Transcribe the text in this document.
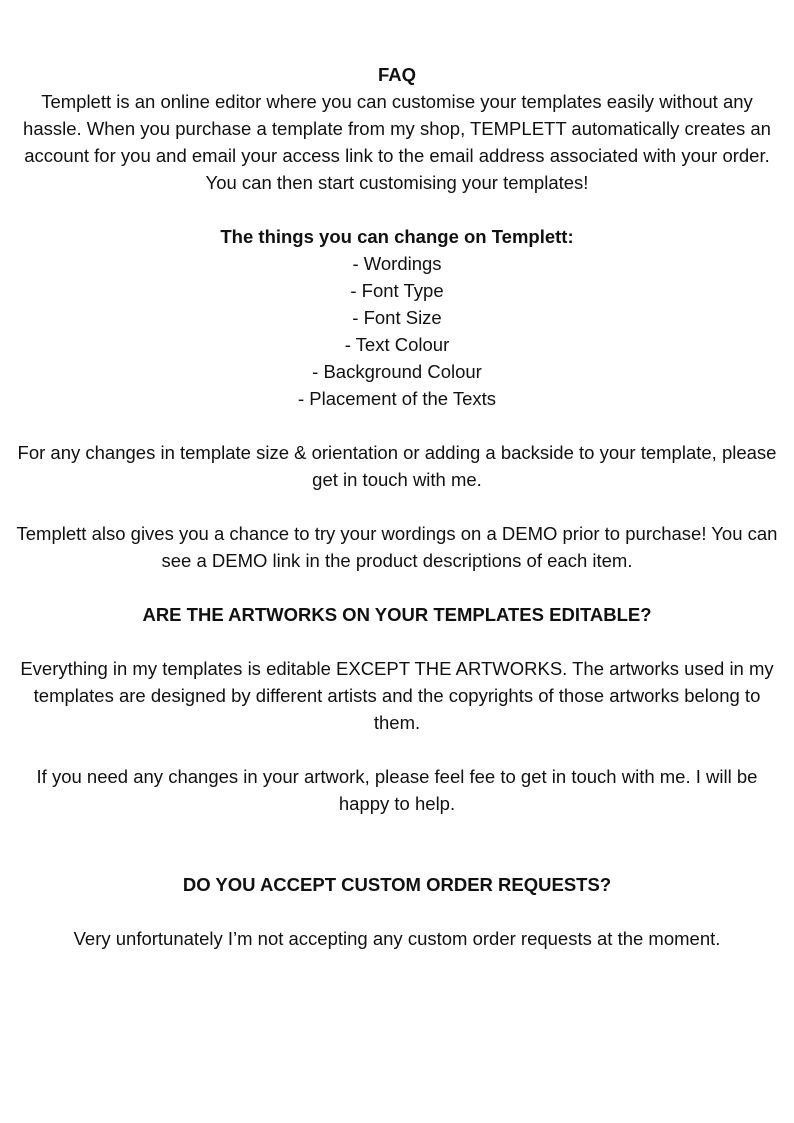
FAQ

Templett is an online editor where you can customise your templates easily without any hassle. When you purchase a template from my shop, TEMPLETT automatically creates an account for you and email your access link to the email address associated with your order. You can then start customising your templates!

The things you can change on Templett:
- Wordings
- Font Type
- Font Size
- Text Colour
- Background Colour
- Placement of the Texts

For any changes in template size & orientation or adding a backside to your template, please get in touch with me.

Templett also gives you a chance to try your wordings on a DEMO prior to purchase! You can see a DEMO link in the product descriptions of each item.

ARE THE ARTWORKS ON YOUR TEMPLATES EDITABLE?

Everything in my templates is editable EXCEPT THE ARTWORKS. The artworks used in my templates are designed by different artists and the copyrights of those artworks belong to them.

If you need any changes in your artwork, please feel fee to get in touch with me. I will be happy to help.

DO YOU ACCEPT CUSTOM ORDER REQUESTS?

Very unfortunately I’m not accepting any custom order requests at the moment.
